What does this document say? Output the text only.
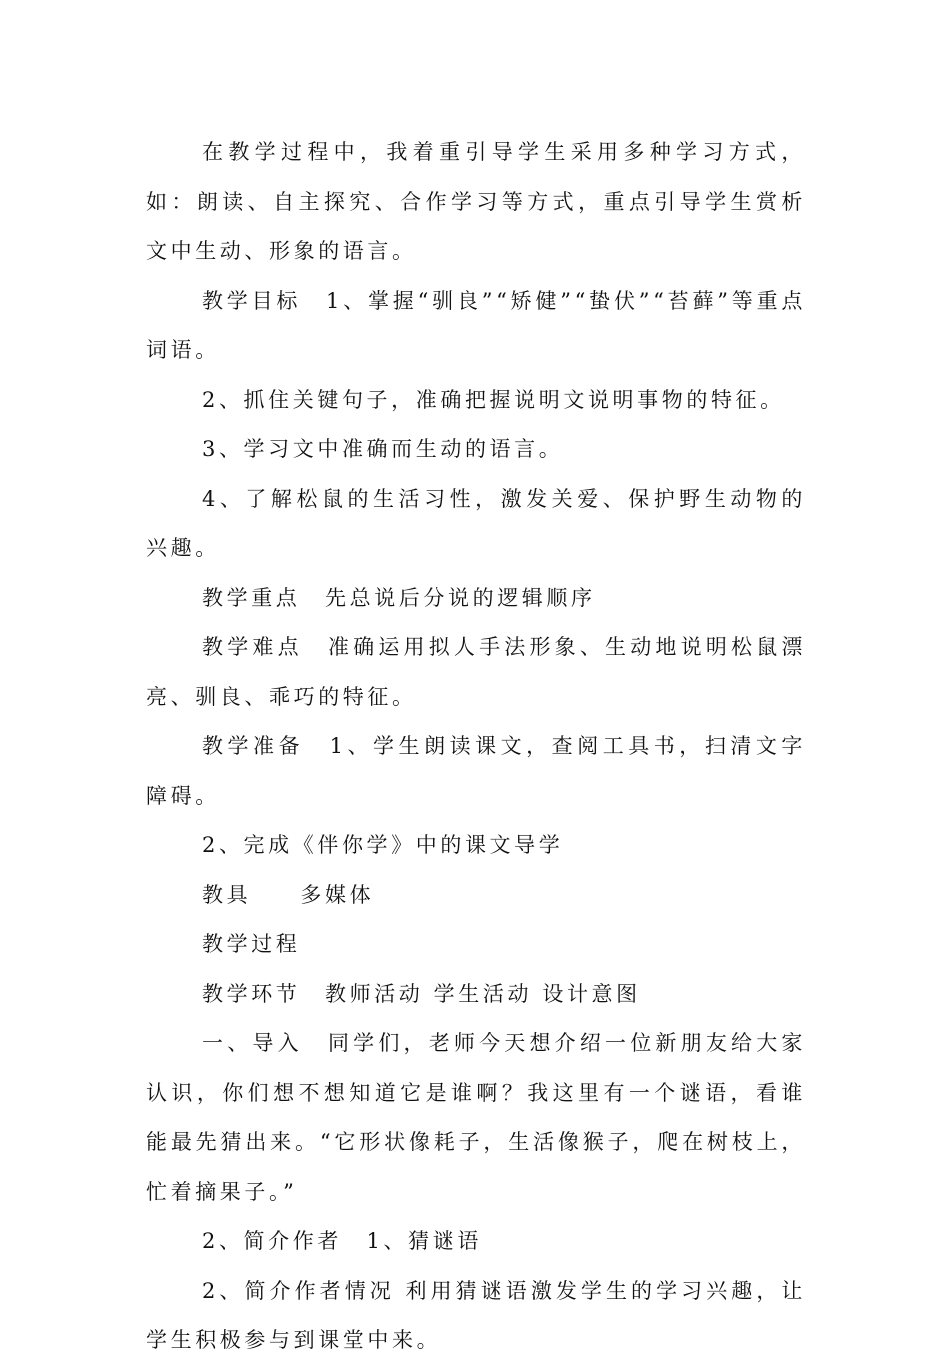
在教学过程中，我着重引导学生采用多种学习方式，如：朗读、自主探究、合作学习等方式，重点引导学生赏析文中生动、形象的语言。

教学目标　1、掌握“驯良”“矫健”“蛰伏”“苔藓”等重点词语。

2、抓住关键句子，准确把握说明文说明事物的特征。

3、学习文中准确而生动的语言。

4、了解松鼠的生活习性，激发关爱、保护野生动物的兴趣。

教学重点　先总说后分说的逻辑顺序

教学难点　准确运用拟人手法形象、生动地说明松鼠漂亮、驯良、乖巧的特征。

教学准备　1、学生朗读课文，查阅工具书，扫清文字障碍。

2、完成《伴你学》中的课文导学

教具　　多媒体

教学过程

教学环节　教师活动 学生活动 设计意图

一、导入　同学们，老师今天想介绍一位新朋友给大家认识，你们想不想知道它是谁啊？我这里有一个谜语，看谁能最先猜出来。“它形状像耗子，生活像猴子，爬在树枝上，忙着摘果子。”

2、简介作者　1、猜谜语

2、简介作者情况 利用猜谜语激发学生的学习兴趣，让学生积极参与到课堂中来。
